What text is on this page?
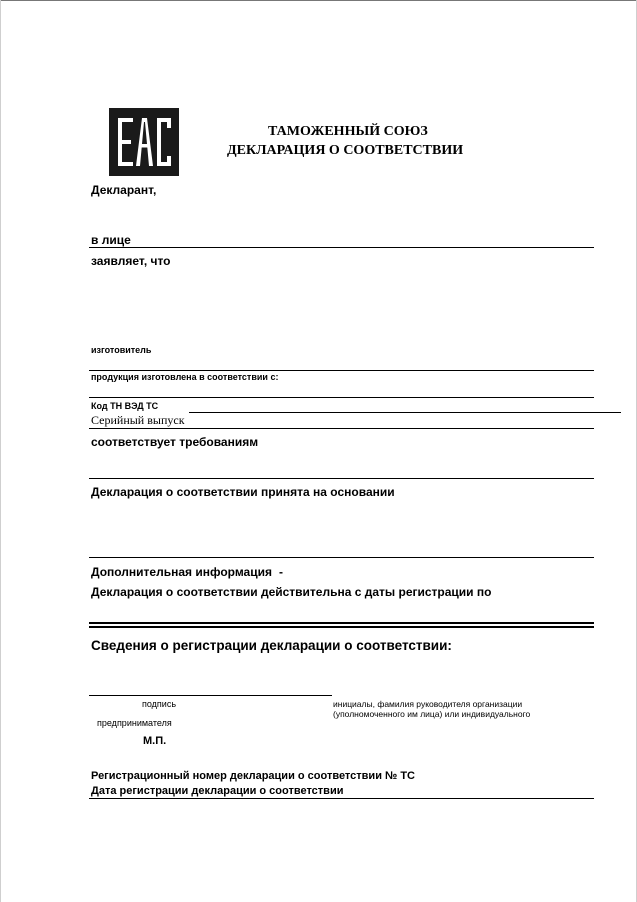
ТАМОЖЕННЫЙ СОЮЗ
ДЕКЛАРАЦИЯ О СООТВЕТСТВИИ
Декларант,
в лице
заявляет, что
изготовитель
продукция изготовлена в соответствии с:
Код ТН ВЭД ТС
Серийный выпуск
соответствует требованиям
Декларация о соответствии принята на основании
Дополнительная информация -
Декларация о соответствии действительна с даты регистрации по
Сведения о регистрации декларации о соответствии:
подпись	инициалы, фамилия руководителя организации
(уполномоченного им лица) или индивидуального
предпринимателя
М.П.
Регистрационный номер декларации о соответствии № ТС
Дата регистрации декларации о соответствии
